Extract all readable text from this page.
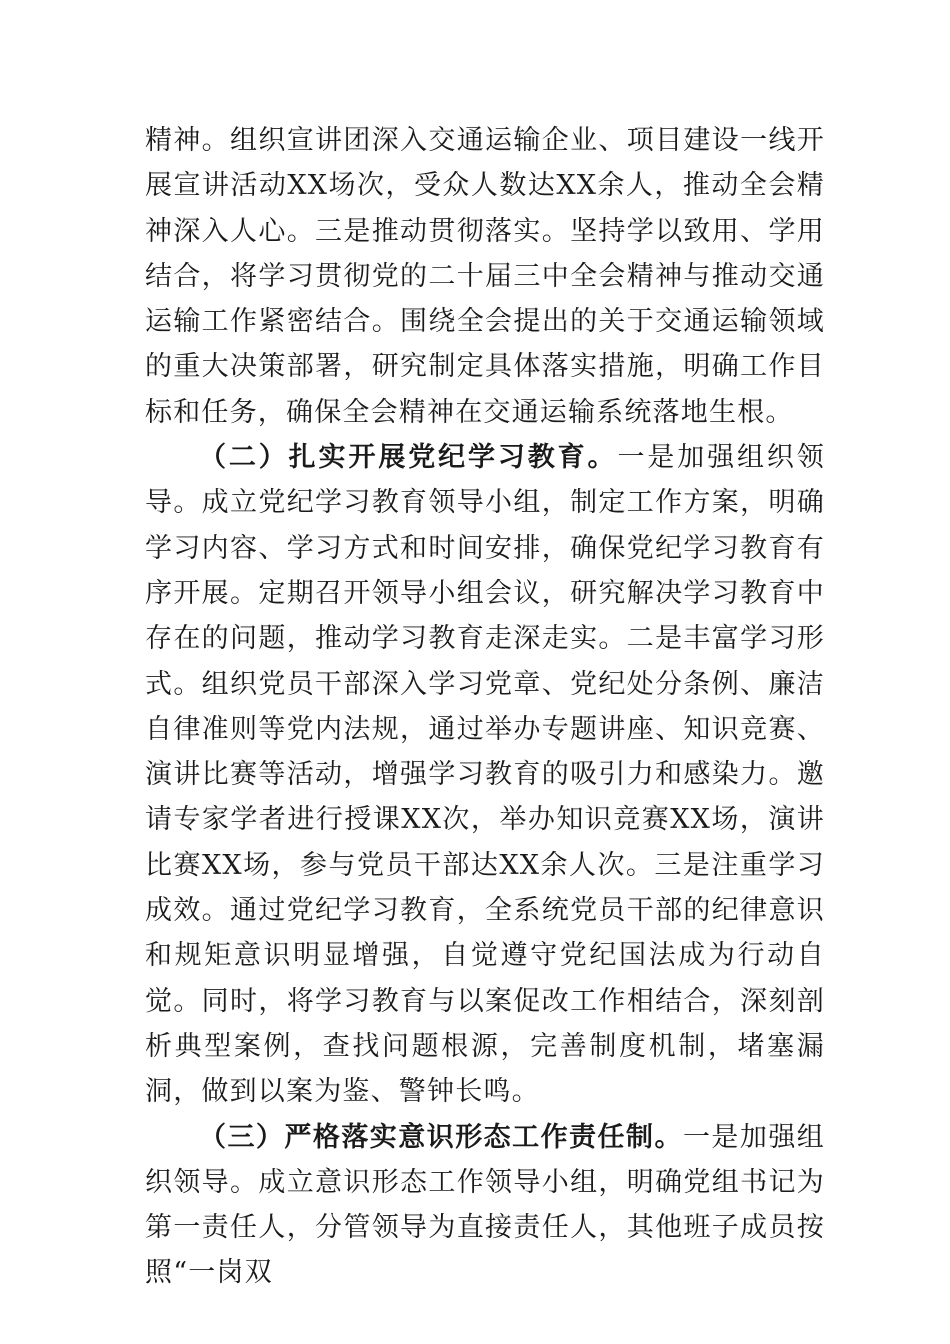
精神。组织宣讲团深入交通运输企业、项目建设一线开展宣讲活动XX场次，受众人数达XX余人，推动全会精神深入人心。三是推动贯彻落实。坚持学以致用、学用结合，将学习贯彻党的二十届三中全会精神与推动交通运输工作紧密结合。围绕全会提出的关于交通运输领域的重大决策部署，研究制定具体落实措施，明确工作目标和任务，确保全会精神在交通运输系统落地生根。

（二）扎实开展党纪学习教育。一是加强组织领导。成立党纪学习教育领导小组，制定工作方案，明确学习内容、学习方式和时间安排，确保党纪学习教育有序开展。定期召开领导小组会议，研究解决学习教育中存在的问题，推动学习教育走深走实。二是丰富学习形式。组织党员干部深入学习党章、党纪处分条例、廉洁自律准则等党内法规，通过举办专题讲座、知识竞赛、演讲比赛等活动，增强学习教育的吸引力和感染力。邀请专家学者进行授课XX次，举办知识竞赛XX场，演讲比赛XX场，参与党员干部达XX余人次。三是注重学习成效。通过党纪学习教育，全系统党员干部的纪律意识和规矩意识明显增强，自觉遵守党纪国法成为行动自觉。同时，将学习教育与以案促改工作相结合，深刻剖析典型案例，查找问题根源，完善制度机制，堵塞漏洞，做到以案为鉴、警钟长鸣。

（三）严格落实意识形态工作责任制。一是加强组织领导。成立意识形态工作领导小组，明确党组书记为第一责任人，分管领导为直接责任人，其他班子成员按照“一岗双
